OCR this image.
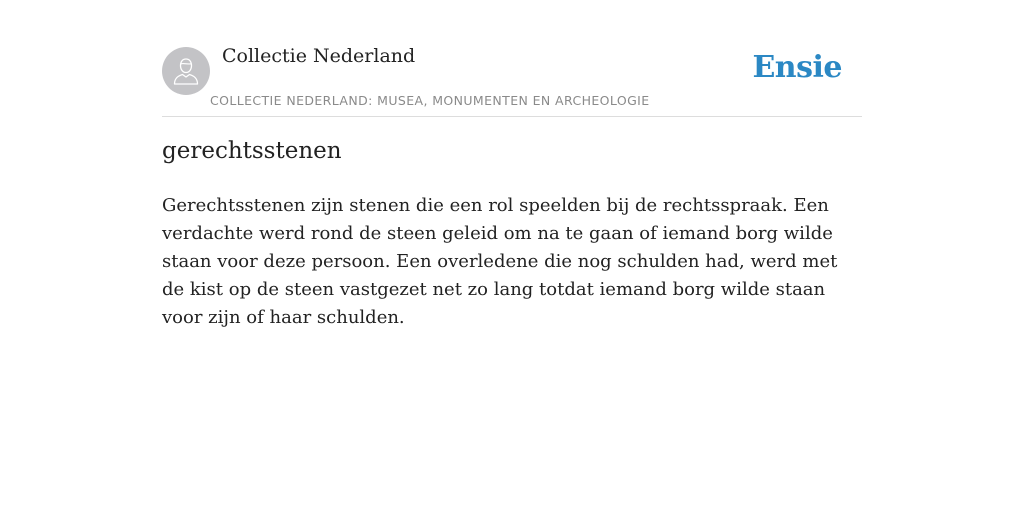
Collectie Nederland
COLLECTIE NEDERLAND: MUSEA, MONUMENTEN EN ARCHEOLOGIE
Ensie
gerechtsstenen

Gerechtsstenen zijn stenen die een rol speelden bij de rechtsspraak. Een verdachte werd rond de steen geleid om na te gaan of iemand borg wilde staan voor deze persoon. Een overledene die nog schulden had, werd met de kist op de steen vastgezet net zo lang totdat iemand borg wilde staan voor zijn of haar schulden.
